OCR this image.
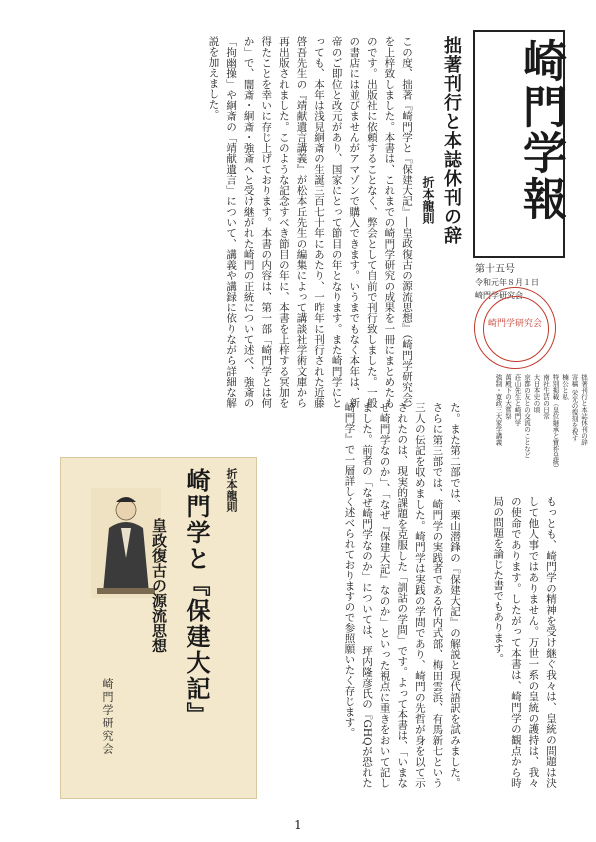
崎門学報
第十五号
令和元年８月１日
崎門学研究会
崎門学研究会
拙著刊行と本誌休刊の辞
寄稿 栄光の復刻を祝す
楠公と私
特別掲載（皇位継承と寶祚皇統）
南社生活の日常
大日本史の頃
京都の友との交流のことなど
荘山先生と崎門学
萬殿下の大嘗祭
強制・寛政三大家学講義
拙著刊行と本誌休刊の辞
折本龍則
この度、拙著『崎門学と『保建大記』―皇政復古の源流思想』（崎門学研究会）を上梓致しました。本書は、これまでの崎門学研究の成果を一冊にまとめたものです。出版社に依頼することなく、弊会として自前で刊行致しました。一般の書店には並びませんがアマゾンで購入できます。いうまでもなく本年は、新帝のご即位と改元があり、国家にとって節目の年となります。また崎門学にとっても、本年は浅見絅斎の生誕三百七十年にあたり、一昨年に刊行された近藤啓吾先生の『靖献遺言講義』が松本丘先生の編集によって講談社学術文庫から再出版されました。このような記念すべき節目の年に、本書を上梓する冥加を得たことを幸いに存じ上げております。本書の内容は、第一部「崎門学とは何か」で、闇斎・絅斎・強斎へと受け継がれた崎門の正統について述べ、強斎の「拘幽操」や絅斎の「靖献遺言」について、講義や講録に依りながら詳細な解説を加えました。
た。また第二部では、栗山潜鋒の『保建大記』の解説と現代語訳を試みました。さらに第三部では、崎門学の実践者である竹内式部、梅田雲浜、有馬新七という三人の伝記を収めました。崎門学は実践の学問であり、崎門の先哲が身を以て示されたのは、現実的課題を克服した「訓詁の学問」です。よって本書は、「いまなぜ崎門学なのか」、「なぜ『保建大記』なのか」といった視点に重きをおいて記しました。前者の「なぜ崎門学なのか」については、坪内隆彦氏の『GHQが恐れた崎門学』で一層詳しく述べられておりますので参照願いたく存じます。	もっとも、崎門学の精神を受け継ぐ我々は、皇統の問題は決して他人事ではありません。万世一系の皇統の護持は、我々の使命であります。したがって本書は、崎門学の観点から時局の問題を論じた書でもあります。
折本龍則
崎門学と『保建大記』
皇政復古の源流思想
崎門学研究会
1
